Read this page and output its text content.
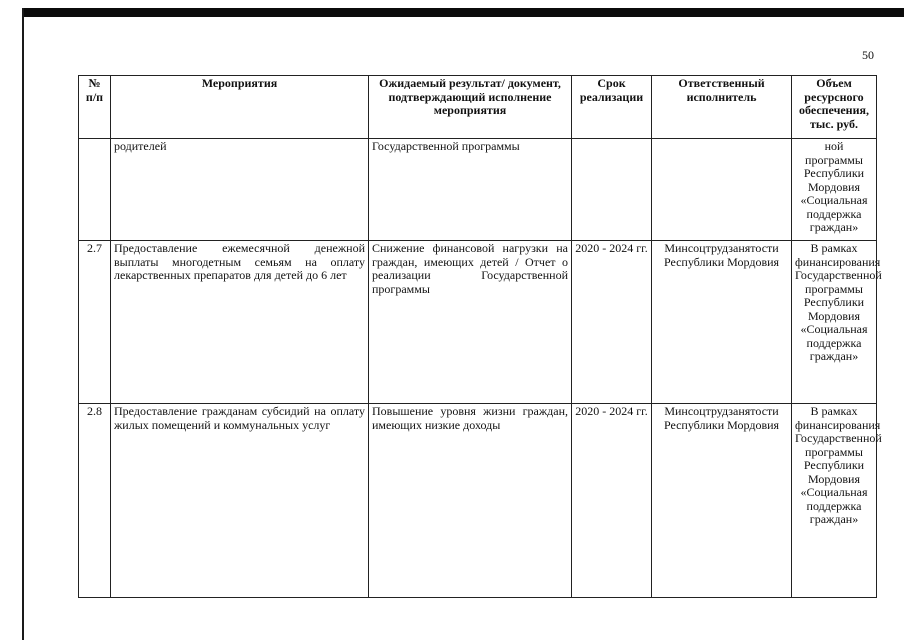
50
№ п/п	Мероприятия	Ожидаемый результат/ документ, подтверждающий исполнение мероприятия	Срок реализации	Ответственный исполнитель	Объем ресурсного обеспечения, тыс. руб.
	родителей	Государственной программы			ной программы Республики Мордовия «Социальная поддержка граждан»
2.7	Предоставление ежемесячной денежной выплаты многодетным семьям на оплату лекарственных препаратов для детей до 6 лет	Снижение финансовой нагрузки на граждан, имеющих детей / Отчет о реализации Государственной программы	2020 - 2024 гг.	Минсоцтрудзанятости Республики Мордовия	В рамках финансирования Государственной программы Республики Мордовия «Социальная поддержка граждан»
2.8	Предоставление гражданам субсидий на оплату жилых помещений и коммунальных услуг	Повышение уровня жизни граждан, имеющих низкие доходы	2020 - 2024 гг.	Минсоцтрудзанятости Республики Мордовия	В рамках финансирования Государственной программы Республики Мордовия «Социальная поддержка граждан»
